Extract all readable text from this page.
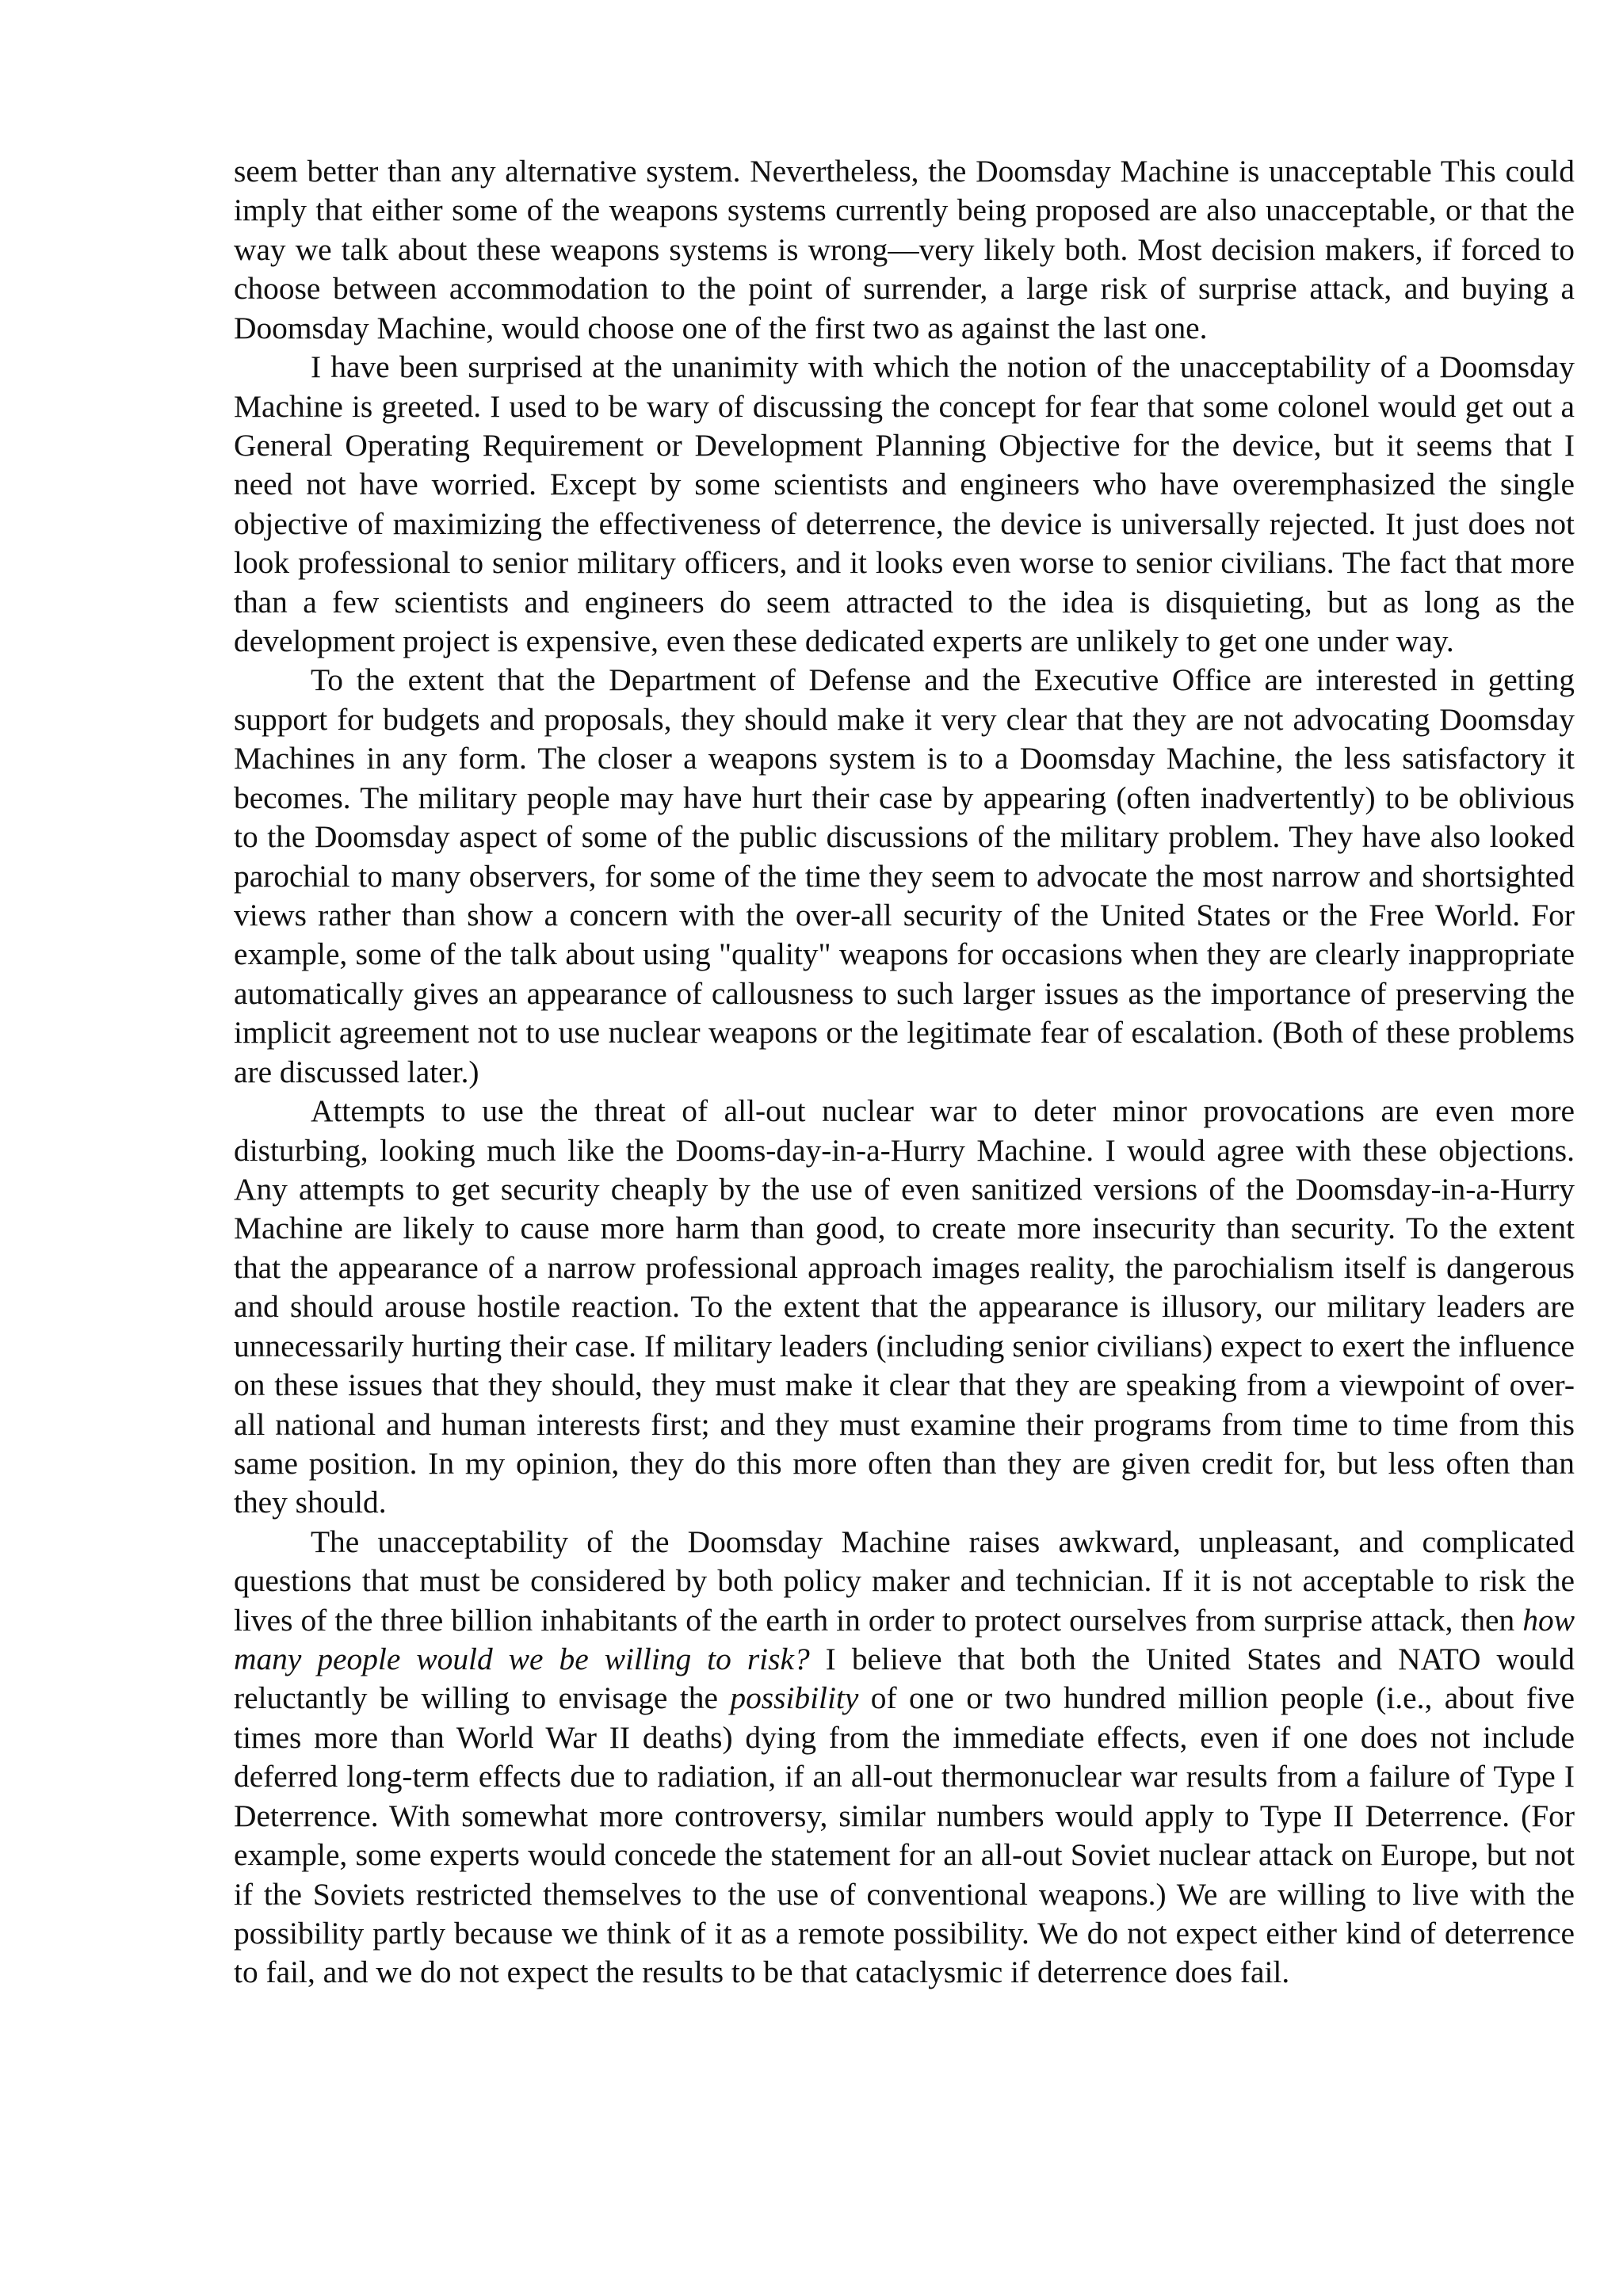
seem better than any alternative system. Nevertheless, the Doomsday Machine is unacceptable This could imply that either some of the weapons systems currently being proposed are also unacceptable, or that the way we talk about these weapons systems is wrong—very likely both. Most decision makers, if forced to choose between accommodation to the point of surrender, a large risk of surprise attack, and buying a Doomsday Machine, would choose one of the first two as against the last one.

I have been surprised at the unanimity with which the notion of the unacceptability of a Doomsday Machine is greeted. I used to be wary of discussing the concept for fear that some colonel would get out a General Operating Requirement or Development Planning Objective for the device, but it seems that I need not have worried. Except by some scientists and engineers who have overemphasized the single objective of maximizing the effectiveness of deterrence, the device is universally rejected. It just does not look professional to senior military officers, and it looks even worse to senior civilians. The fact that more than a few scientists and engineers do seem attracted to the idea is disquieting, but as long as the development project is expensive, even these dedicated experts are unlikely to get one under way.

To the extent that the Department of Defense and the Executive Office are interested in getting support for budgets and proposals, they should make it very clear that they are not advocating Doomsday Machines in any form. The closer a weapons system is to a Doomsday Machine, the less satisfactory it becomes. The military people may have hurt their case by appearing (often inadvertently) to be oblivious to the Doomsday aspect of some of the public discussions of the military problem. They have also looked parochial to many observers, for some of the time they seem to advocate the most narrow and shortsighted views rather than show a concern with the over-all security of the United States or the Free World. For example, some of the talk about using "quality" weapons for occasions when they are clearly inappropriate automatically gives an appearance of callousness to such larger issues as the importance of preserving the implicit agreement not to use nuclear weapons or the legitimate fear of escalation. (Both of these problems are discussed later.)

Attempts to use the threat of all-out nuclear war to deter minor provocations are even more disturbing, looking much like the Dooms-day-in-a-Hurry Machine. I would agree with these objections. Any attempts to get security cheaply by the use of even sanitized versions of the Doomsday-in-a-Hurry Machine are likely to cause more harm than good, to create more insecurity than security. To the extent that the appearance of a narrow professional approach images reality, the parochialism itself is dangerous and should arouse hostile reaction. To the extent that the appearance is illusory, our military leaders are unnecessarily hurting their case. If military leaders (including senior civilians) expect to exert the influence on these issues that they should, they must make it clear that they are speaking from a viewpoint of over-all national and human interests first; and they must examine their programs from time to time from this same position. In my opinion, they do this more often than they are given credit for, but less often than they should.

The unacceptability of the Doomsday Machine raises awkward, unpleasant, and complicated questions that must be considered by both policy maker and technician. If it is not acceptable to risk the lives of the three billion inhabitants of the earth in order to protect ourselves from surprise attack, then how many people would we be willing to risk? I believe that both the United States and NATO would reluctantly be willing to envisage the possibility of one or two hundred million people (i.e., about five times more than World War II deaths) dying from the immediate effects, even if one does not include deferred long-term effects due to radiation, if an all-out thermonuclear war results from a failure of Type I Deterrence. With somewhat more controversy, similar numbers would apply to Type II Deterrence. (For example, some experts would concede the statement for an all-out Soviet nuclear attack on Europe, but not if the Soviets restricted themselves to the use of conventional weapons.) We are willing to live with the possibility partly because we think of it as a remote possibility. We do not expect either kind of deterrence to fail, and we do not expect the results to be that cataclysmic if deterrence does fail.
